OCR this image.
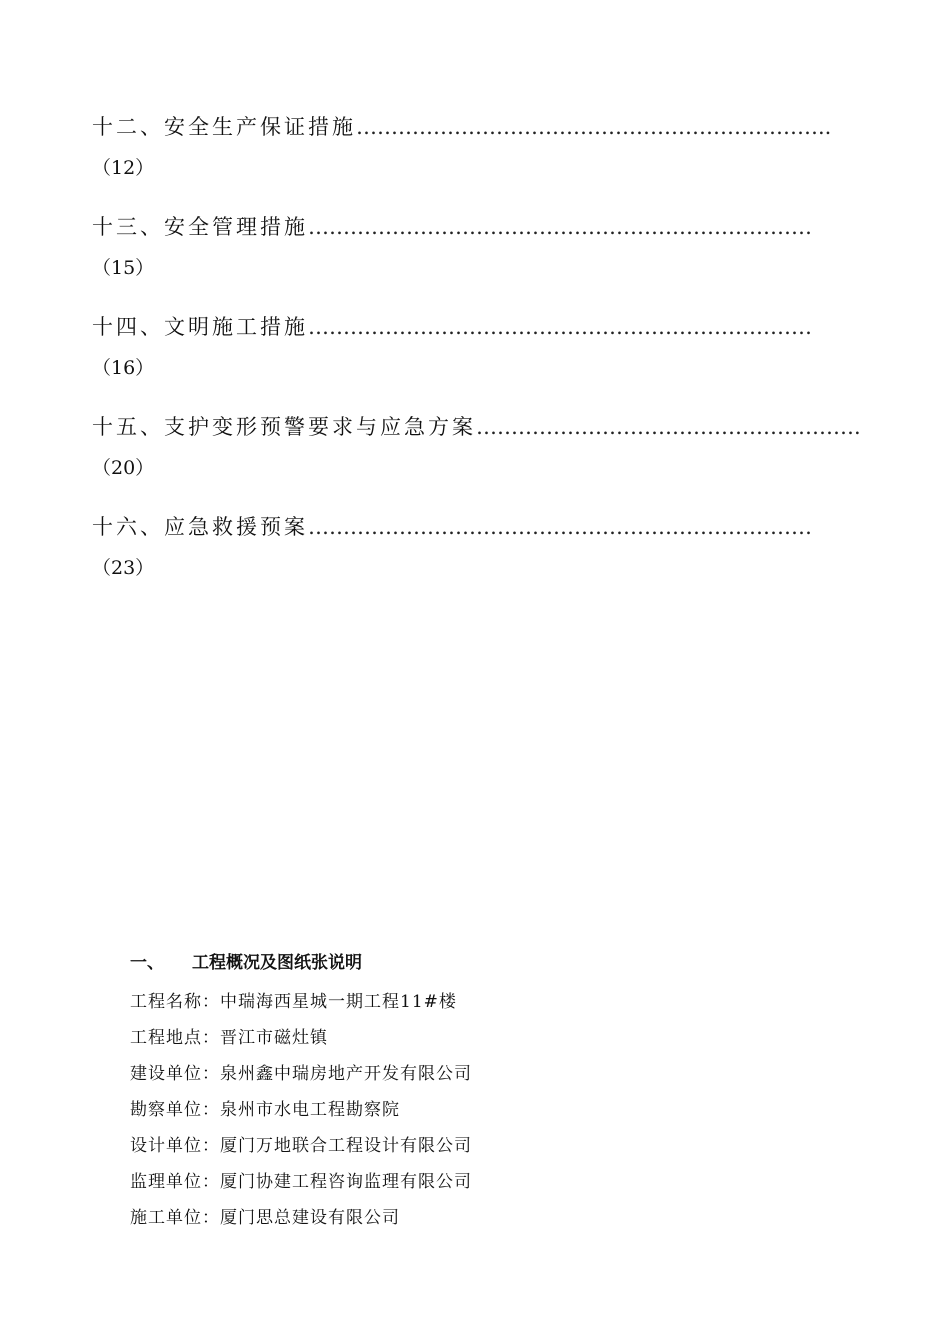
十二、安全生产保证措施…………………………………………………………..
（12）
十三、安全管理措施………………………………………………………………
（15）
十四、文明施工措施………………………………………………………………
（16）
十五、支护变形预警要求与应急方案……………………………………………….
（20）
十六、应急救援预案………………………………………………………………
（23）
一、 工程概况及图纸张说明
工程名称：中瑞海西星城一期工程11#楼
工程地点：晋江市磁灶镇
建设单位：泉州鑫中瑞房地产开发有限公司
勘察单位：泉州市水电工程勘察院
设计单位：厦门万地联合工程设计有限公司
监理单位：厦门协建工程咨询监理有限公司
施工单位：厦门思总建设有限公司
